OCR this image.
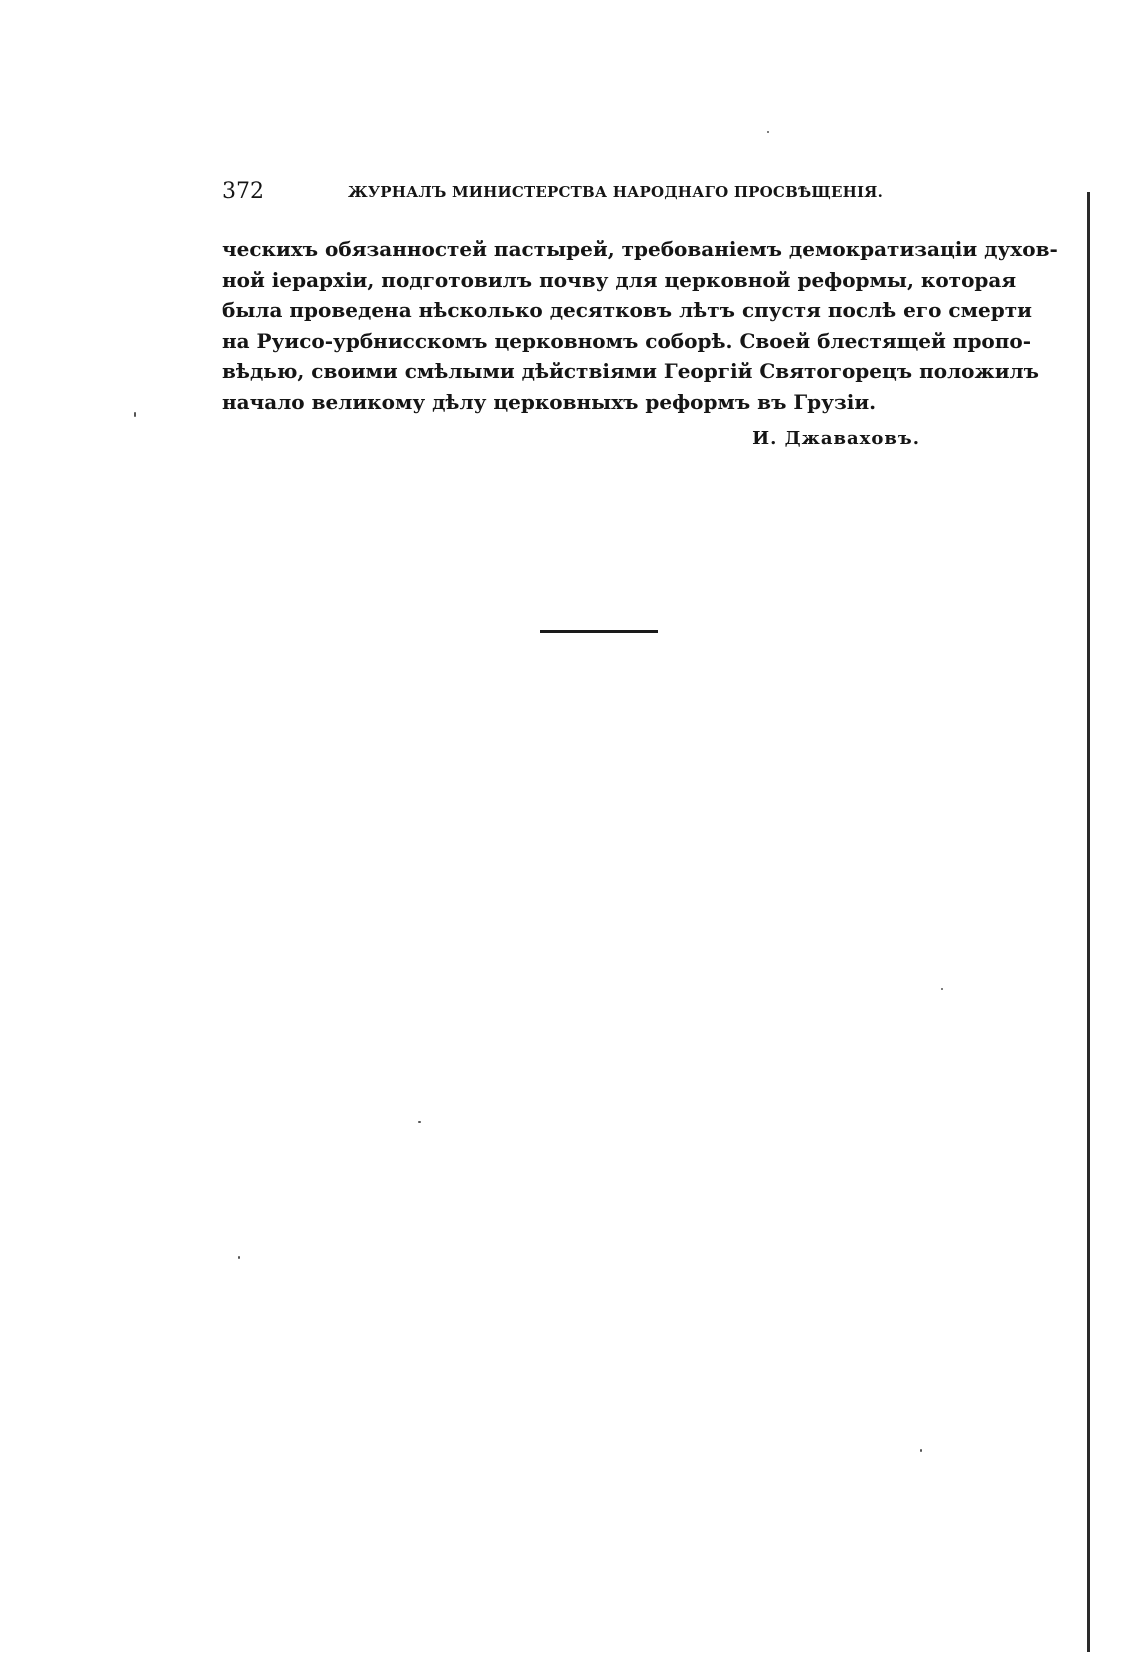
372	ЖУРНАЛЪ МИНИСТЕРСТВА НАРОДНАГО ПРОСВѢЩЕНІЯ.
ческихъ обязанностей пастырей, требованіемъ демократизаціи духов-
ной іерархіи, подготовилъ почву для церковной реформы, которая
была проведена нѣсколько десятковъ лѣтъ спустя послѣ его смерти
на Руисо-урбнисскомъ церковномъ соборѣ. Своей блестящей пропо-
вѣдью, своими смѣлыми дѣйствіями Георгій Святогорецъ положилъ
начало великому дѣлу церковныхъ реформъ въ Грузіи.
И. Джаваховъ.
